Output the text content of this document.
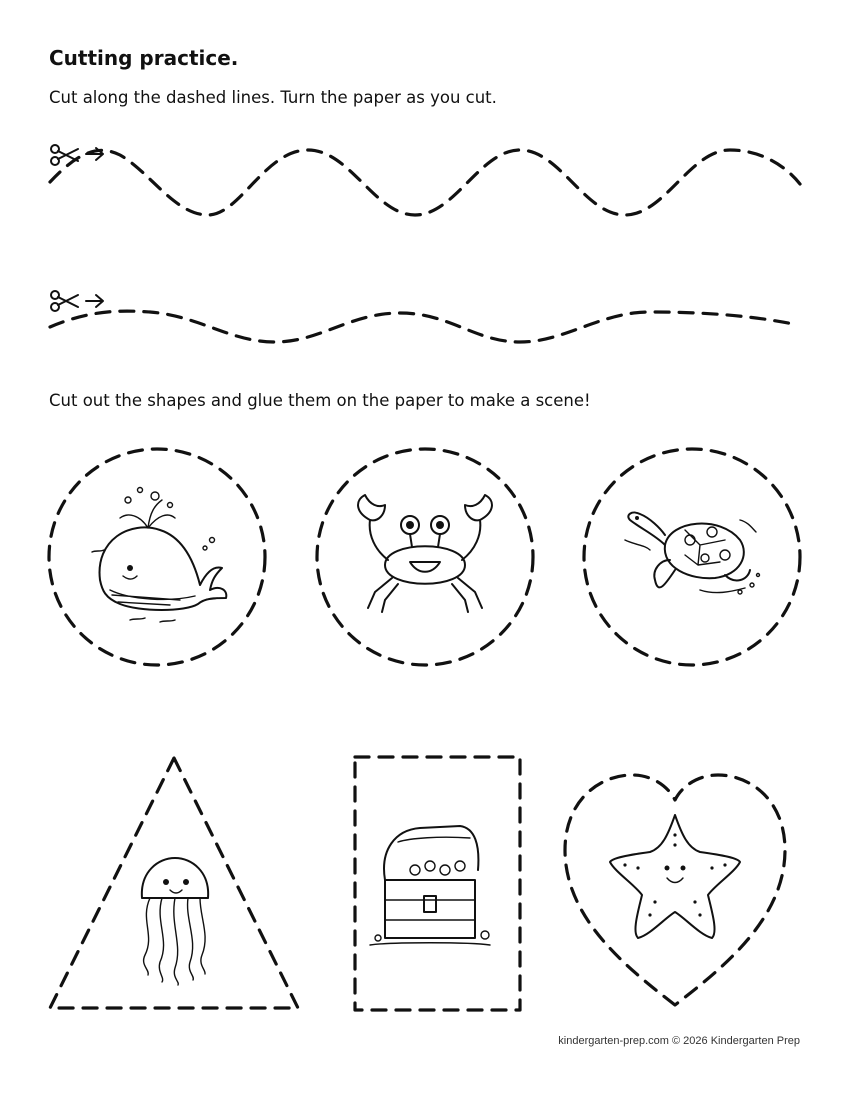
Cutting practice.

Cut along the dashed lines. Turn the paper as you cut.

Cut out the shapes and glue them on the paper to make a scene!

kindergarten-prep.com © 2026 Kindergarten Prep
